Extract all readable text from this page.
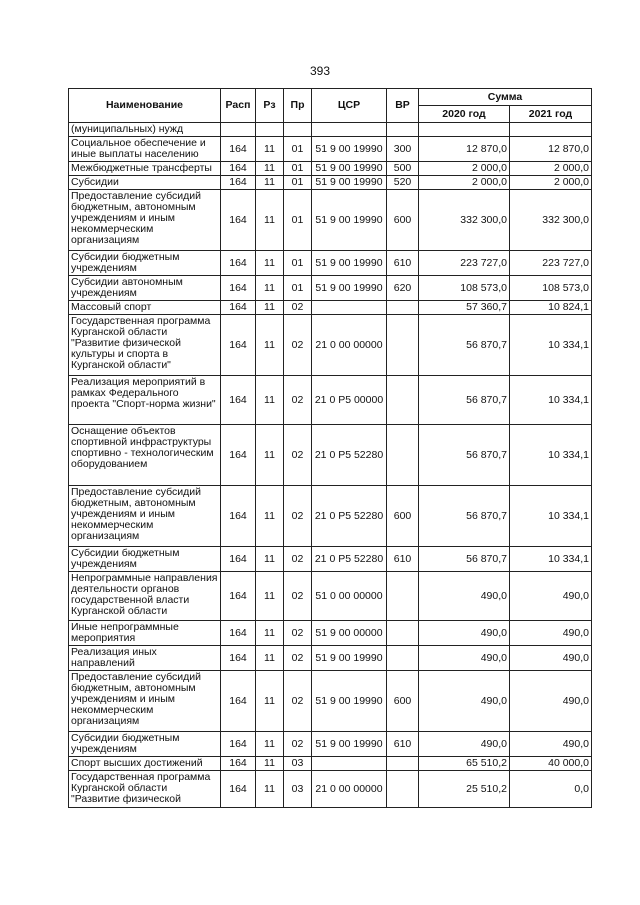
393
Наименование	Расп	Рз	Пр	ЦСР	ВР	Сумма	
						2020 год	2021 год
(муниципальных) нужд							
Социальное обеспечение и иные выплаты населению	164	11	01	51 9 00 19990	300	12 870,0	12 870,0
Межбюджетные трансферты	164	11	01	51 9 00 19990	500	2 000,0	2 000,0
Субсидии	164	11	01	51 9 00 19990	520	2 000,0	2 000,0
Предоставление субсидий бюджетным, автономным учреждениям и иным некоммерческим организациям	164	11	01	51 9 00 19990	600	332 300,0	332 300,0
Субсидии бюджетным учреждениям	164	11	01	51 9 00 19990	610	223 727,0	223 727,0
Субсидии автономным учреждениям	164	11	01	51 9 00 19990	620	108 573,0	108 573,0
Массовый спорт	164	11	02			57 360,7	10 824,1
Государственная программа Курганской области "Развитие физической культуры и спорта в Курганской области"	164	11	02	21 0 00 00000		56 870,7	10 334,1
Реализация мероприятий в рамках Федерального проекта "Спорт-норма жизни"	164	11	02	21 0 P5 00000		56 870,7	10 334,1
Оснащение объектов спортивной инфраструктуры спортивно - технологическим оборудованием	164	11	02	21 0 P5 52280		56 870,7	10 334,1
Предоставление субсидий бюджетным, автономным учреждениям и иным некоммерческим организациям	164	11	02	21 0 P5 52280	600	56 870,7	10 334,1
Субсидии бюджетным учреждениям	164	11	02	21 0 P5 52280	610	56 870,7	10 334,1
Непрограммные направления деятельности органов государственной власти Курганской области	164	11	02	51 0 00 00000		490,0	490,0
Иные непрограммные мероприятия	164	11	02	51 9 00 00000		490,0	490,0
Реализация иных направлений	164	11	02	51 9 00 19990		490,0	490,0
Предоставление субсидий бюджетным, автономным учреждениям и иным некоммерческим организациям	164	11	02	51 9 00 19990	600	490,0	490,0
Субсидии бюджетным учреждениям	164	11	02	51 9 00 19990	610	490,0	490,0
Спорт высших достижений	164	11	03			65 510,2	40 000,0
Государственная программа Курганской области "Развитие физической	164	11	03	21 0 00 00000		25 510,2	0,0
